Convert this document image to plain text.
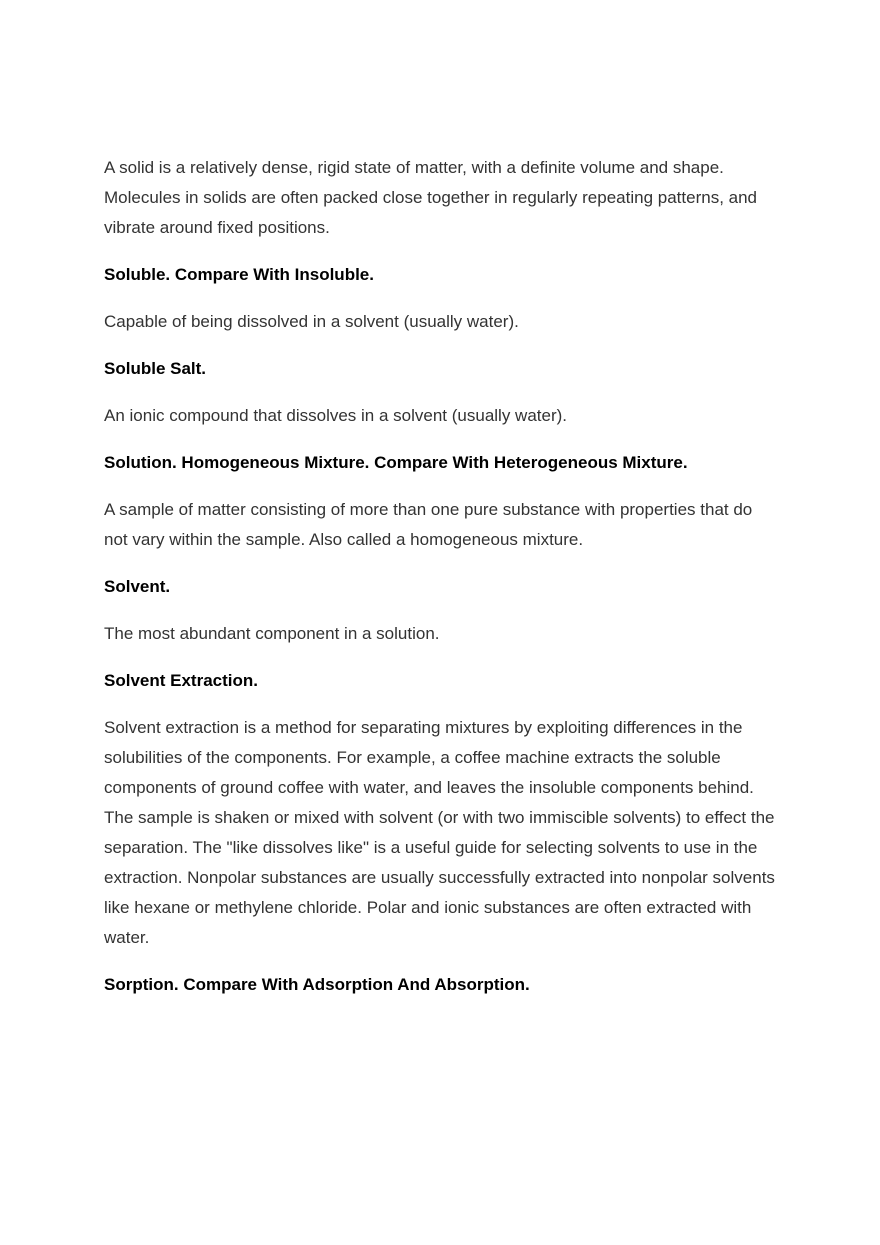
A solid is a relatively dense, rigid state of matter, with a definite volume and shape. Molecules in solids are often packed close together in regularly repeating patterns, and vibrate around fixed positions.

Soluble. Compare With Insoluble.

Capable of being dissolved in a solvent (usually water).

Soluble Salt.

An ionic compound that dissolves in a solvent (usually water).

Solution. Homogeneous Mixture. Compare With Heterogeneous Mixture.

A sample of matter consisting of more than one pure substance with properties that do not vary within the sample. Also called a homogeneous mixture.

Solvent.

The most abundant component in a solution.

Solvent Extraction.

Solvent extraction is a method for separating mixtures by exploiting differences in the solubilities of the components. For example, a coffee machine extracts the soluble components of ground coffee with water, and leaves the insoluble components behind. The sample is shaken or mixed with solvent (or with two immiscible solvents) to effect the separation. The "like dissolves like" is a useful guide for selecting solvents to use in the extraction. Nonpolar substances are usually successfully extracted into nonpolar solvents like hexane or methylene chloride. Polar and ionic substances are often extracted with water.

Sorption. Compare With Adsorption And Absorption.
